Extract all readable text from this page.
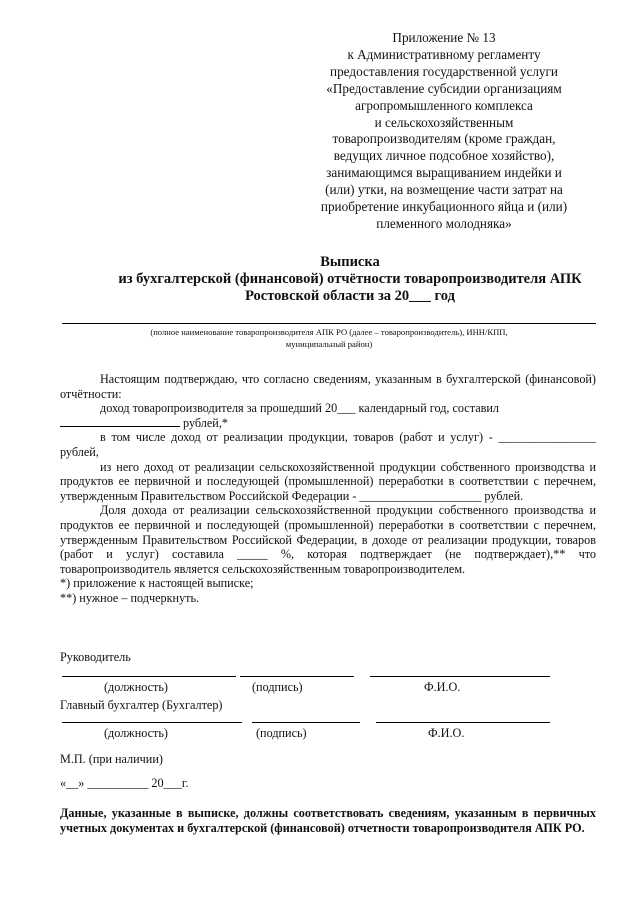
Приложение № 13
к Административному регламенту
предоставления государственной услуги
«Предоставление субсидии организациям
агропромышленного комплекса
и сельскохозяйственным
товаропроизводителям (кроме граждан,
ведущих личное подсобное хозяйство),
занимающимся выращиванием индейки и
(или) утки, на возмещение части затрат на
приобретение инкубационного яйца и (или)
племенного молодняка»
Выписка
из бухгалтерской (финансовой) отчётности товаропроизводителя АПК
Ростовской области за 20___ год
(полное наименование товаропроизводителя АПК РО (далее – товаропроизводитель), ИНН/КПП,
муниципальный район)

Настоящим подтверждаю, что согласно сведениям, указанным в бухгалтерской (финансовой) отчётности:

доход товаропроизводителя за прошедший 20___ календарный год, составил

рублей,*

в том числе доход от реализации продукции, товаров (работ и услуг) - ________________ рублей,

из него доход от реализации сельскохозяйственной продукции собственного производства и продуктов ее первичной и последующей (промышленной) переработки в соответствии с перечнем, утвержденным Правительством Российской Федерации - ____________________ рублей.

Доля дохода от реализации сельскохозяйственной продукции собственного производства и продуктов ее первичной и последующей (промышленной) переработки в соответствии с перечнем, утвержденным Правительством Российской Федерации, в доходе от реализации продукции, товаров (работ и услуг) составила _____ %, которая подтверждает (не подтверждает),** что товаропроизводитель является сельскохозяйственным товаропроизводителем.

*) приложение к настоящей выписке;

**) нужное – подчеркнуть.

Руководитель
(должность)	(подпись)	Ф.И.О.
Главный бухгалтер (Бухгалтер)
(должность)	(подпись)	Ф.И.О.
М.П. (при наличии)
«__» __________ 20___г.
Данные, указанные в выписке, должны соответствовать сведениям, указанным в первичных учетных документах и бухгалтерской (финансовой) отчетности товаропроизводителя АПК РО.
